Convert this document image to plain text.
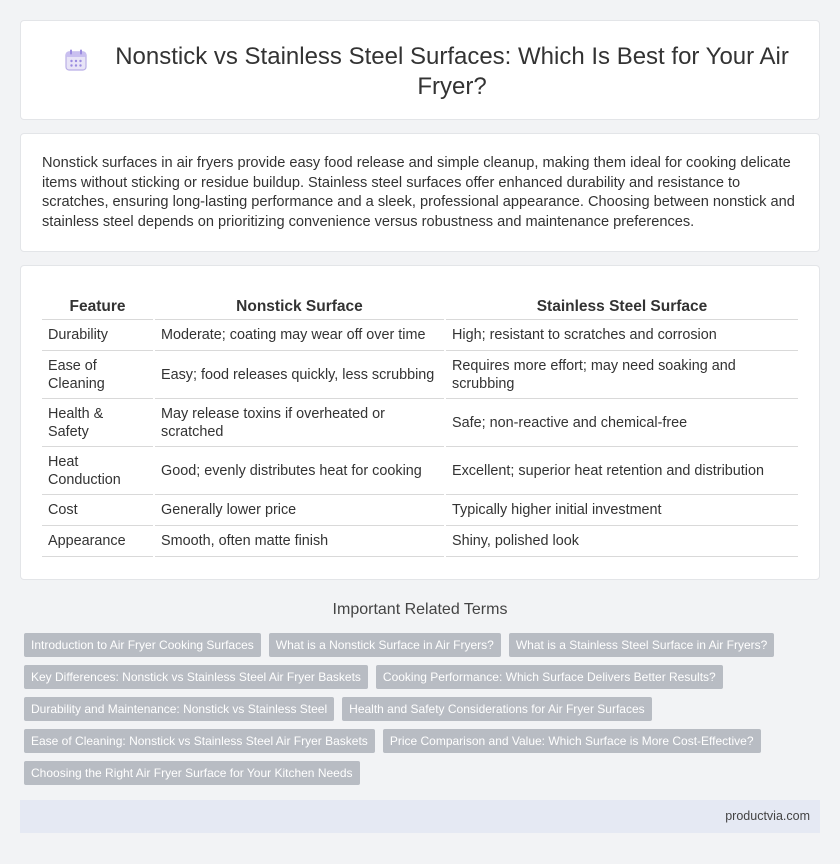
Nonstick vs Stainless Steel Surfaces: Which Is Best for Your Air Fryer?

Nonstick surfaces in air fryers provide easy food release and simple cleanup, making them ideal for cooking delicate items without sticking or residue buildup. Stainless steel surfaces offer enhanced durability and resistance to scratches, ensuring long-lasting performance and a sleek, professional appearance. Choosing between nonstick and stainless steel depends on prioritizing convenience versus robustness and maintenance preferences.

Feature	Nonstick Surface	Stainless Steel Surface
Durability	Moderate; coating may wear off over time	High; resistant to scratches and corrosion
Ease of Cleaning	Easy; food releases quickly, less scrubbing	Requires more effort; may need soaking and scrubbing
Health & Safety	May release toxins if overheated or scratched	Safe; non-reactive and chemical-free
Heat Conduction	Good; evenly distributes heat for cooking	Excellent; superior heat retention and distribution
Cost	Generally lower price	Typically higher initial investment
Appearance	Smooth, often matte finish	Shiny, polished look
Important Related Terms
Introduction to Air Fryer Cooking Surfaces	What is a Nonstick Surface in Air Fryers?	What is a Stainless Steel Surface in Air Fryers?
Key Differences: Nonstick vs Stainless Steel Air Fryer Baskets	Cooking Performance: Which Surface Delivers Better Results?
Durability and Maintenance: Nonstick vs Stainless Steel	Health and Safety Considerations for Air Fryer Surfaces
Ease of Cleaning: Nonstick vs Stainless Steel Air Fryer Baskets	Price Comparison and Value: Which Surface is More Cost-Effective?
Choosing the Right Air Fryer Surface for Your Kitchen Needs
productvia.com
